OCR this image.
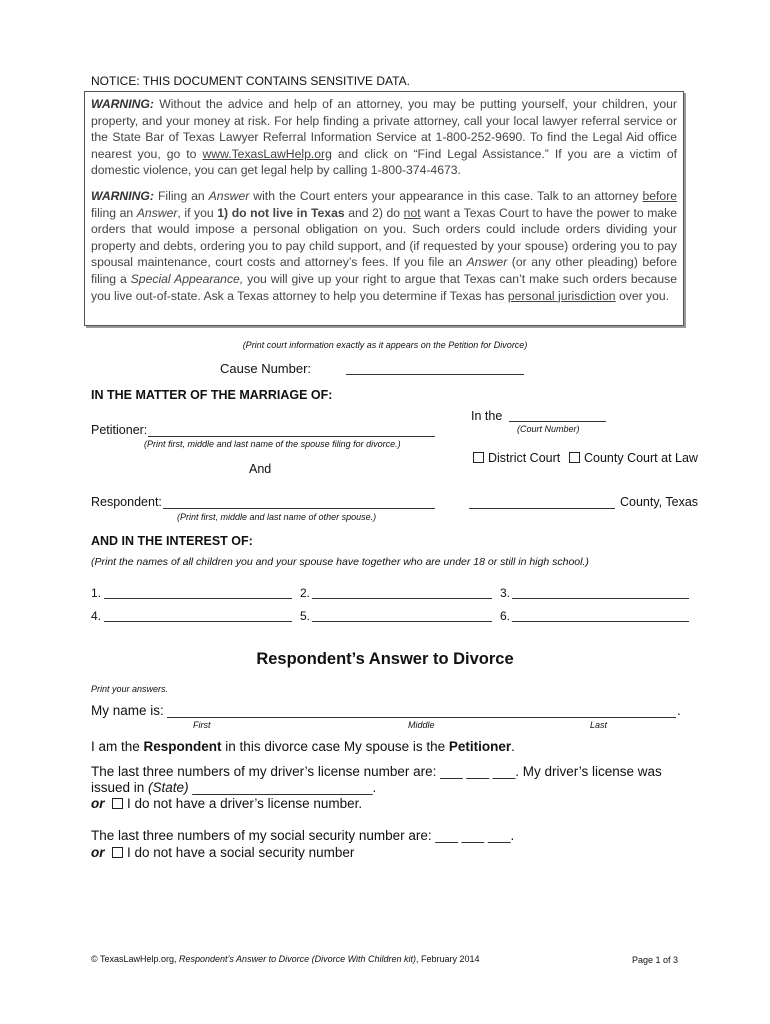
NOTICE: THIS DOCUMENT CONTAINS SENSITIVE DATA.

WARNING: Without the advice and help of an attorney, you may be putting yourself, your children, your property, and your money at risk. For help finding a private attorney, call your local lawyer referral service or the State Bar of Texas Lawyer Referral Information Service at 1-800-252-9690. To find the Legal Aid office nearest you, go to www.TexasLawHelp.org and click on “Find Legal Assistance.” If you are a victim of domestic violence, you can get legal help by calling 1-800-374-4673.

WARNING: Filing an Answer with the Court enters your appearance in this case. Talk to an attorney before filing an Answer, if you 1) do not live in Texas and 2) do not want a Texas Court to have the power to make orders that would impose a personal obligation on you. Such orders could include orders dividing your property and debts, ordering you to pay child support, and (if requested by your spouse) ordering you to pay spousal maintenance, court costs and attorney’s fees. If you file an Answer (or any other pleading) before filing a Special Appearance, you will give up your right to argue that Texas can’t make such orders because you live out-of-state. Ask a Texas attorney to help you determine if Texas has personal jurisdiction over you.

(Print court information exactly as it appears on the Petition for Divorce)
Cause Number:
IN THE MATTER OF THE MARRIAGE OF:
In the
(Court Number)
Petitioner:
(Print first, middle and last name of the spouse filing for divorce.)
District Court	County Court at Law
And
Respondent:
(Print first, middle and last name of other spouse.)
County, Texas
AND IN THE INTEREST OF:
(Print the names of all children you and your spouse have together who are under 18 or still in high school.)
1.	2.	3.
4.	5.	6.
Respondent’s Answer to Divorce
Print your answers.
My name is:	.
First	Middle	Last
I am the Respondent in this divorce case My spouse is the Petitioner.
The last three numbers of my driver’s license number are: ___ ___ ___. My driver’s license was
issued in (State) ________________________.
or I do not have a driver’s license number.
The last three numbers of my social security number are: ___ ___ ___.
or I do not have a social security number
© TexasLawHelp.org, Respondent’s Answer to Divorce (Divorce With Children kit), February 2014	Page 1 of 3
